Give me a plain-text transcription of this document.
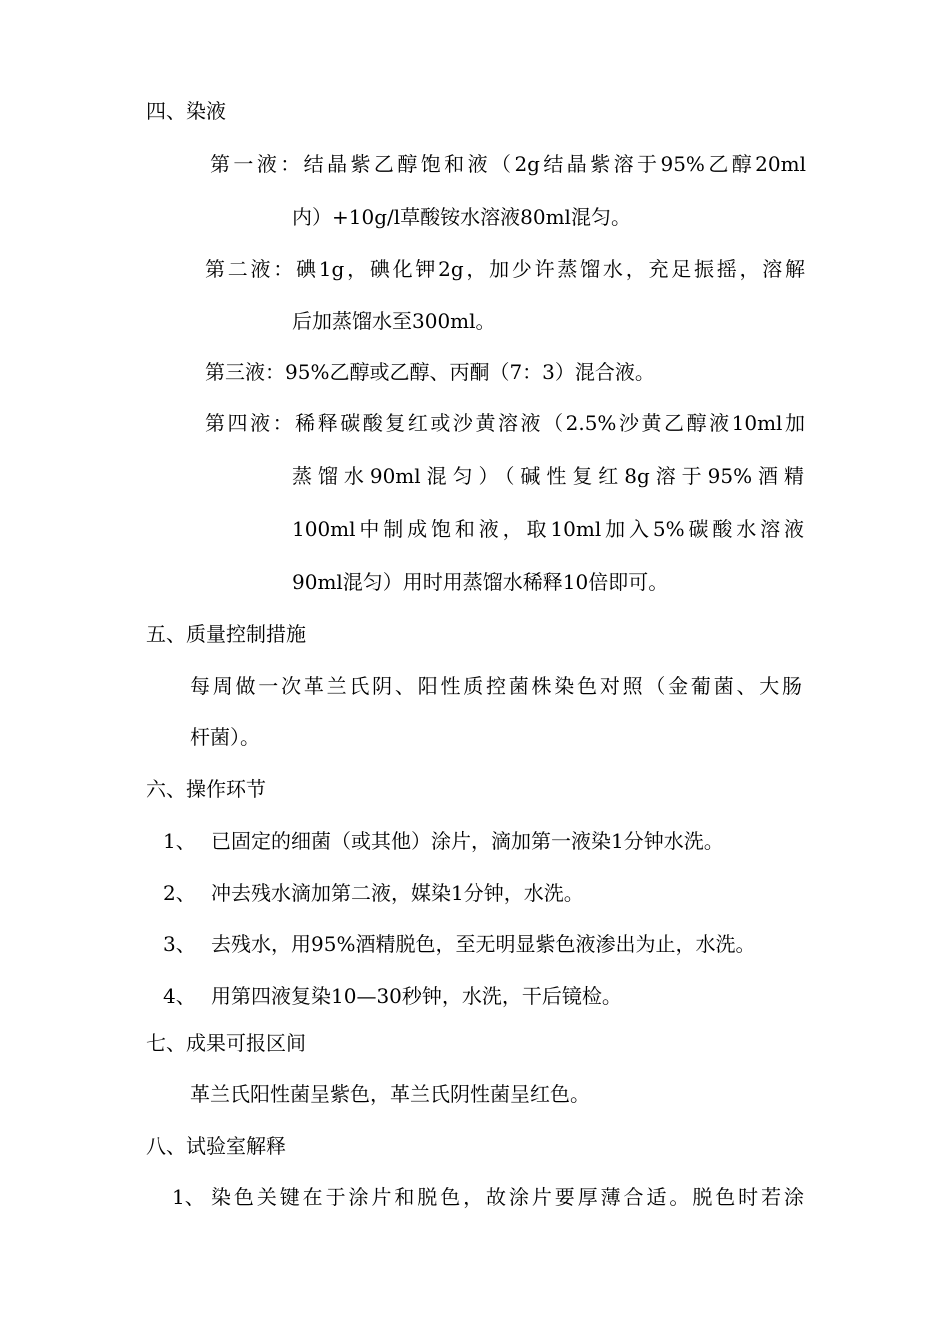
四、染液
第一液：结晶紫乙醇饱和液（2g结晶紫溶于95%乙醇20ml
内）+10g/l草酸铵水溶液80ml混匀。
第二液：碘1g，碘化钾2g，加少许蒸馏水，充足振摇，溶解
后加蒸馏水至300ml。
第三液：95%乙醇或乙醇、丙酮（7：3）混合液。
第四液：稀释碳酸复红或沙黄溶液（2.5%沙黄乙醇液10ml加
蒸馏水90ml混匀）（碱性复红8g溶于95%酒精
100ml中制成饱和液，取10ml加入5%碳酸水溶液
90ml混匀）用时用蒸馏水稀释10倍即可。
五、质量控制措施
每周做一次革兰氏阴、阳性质控菌株染色对照（金葡菌、大肠
杆菌）。
六、操作环节
1、 已固定的细菌（或其他）涂片，滴加第一液染1分钟水洗。
2、 冲去残水滴加第二液，媒染1分钟，水洗。
3、 去残水，用95%酒精脱色，至无明显紫色液渗出为止，水洗。
4、 用第四液复染10—30秒钟，水洗，干后镜检。
七、成果可报区间
革兰氏阳性菌呈紫色，革兰氏阴性菌呈红色。
八、试验室解释
1、 染色关键在于涂片和脱色，故涂片要厚薄合适。脱色时若涂
